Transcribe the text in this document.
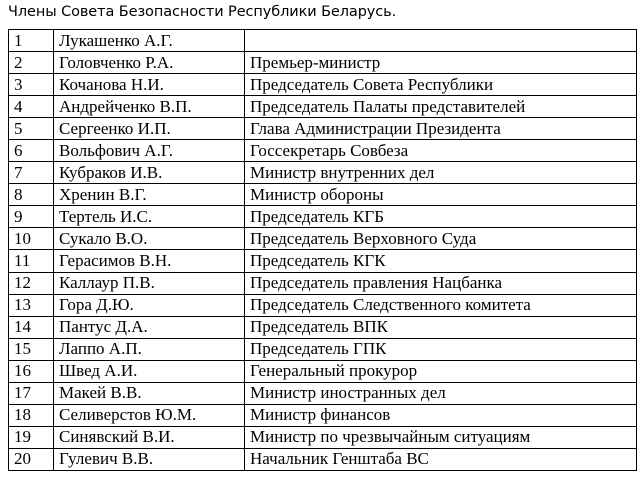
Члены Совета Безопасности Республики Беларусь.
1	Лукашенко А.Г.	
2	Головченко Р.А.	Премьер-министр
3	Кочанова Н.И.	Председатель Совета Республики
4	Андрейченко В.П.	Председатель Палаты представителей
5	Сергеенко И.П.	Глава Администрации Президента
6	Вольфович А.Г.	Госсекретарь Совбеза
7	Кубраков И.В.	Министр внутренних дел
8	Хренин В.Г.	Министр обороны
9	Тертель И.С.	Председатель КГБ
10	Сукало В.О.	Председатель Верховного Суда
11	Герасимов В.Н.	Председатель КГК
12	Каллаур П.В.	Председатель правления Нацбанка
13	Гора Д.Ю.	Председатель Следственного комитета
14	Пантус Д.А.	Председатель ВПК
15	Лаппо А.П.	Председатель ГПК
16	Швед А.И.	Генеральный прокурор
17	Макей В.В.	Министр иностранных дел
18	Селиверстов Ю.М.	Министр финансов
19	Синявский В.И.	Министр по чрезвычайным ситуациям
20	Гулевич В.В.	Начальник Генштаба ВС
